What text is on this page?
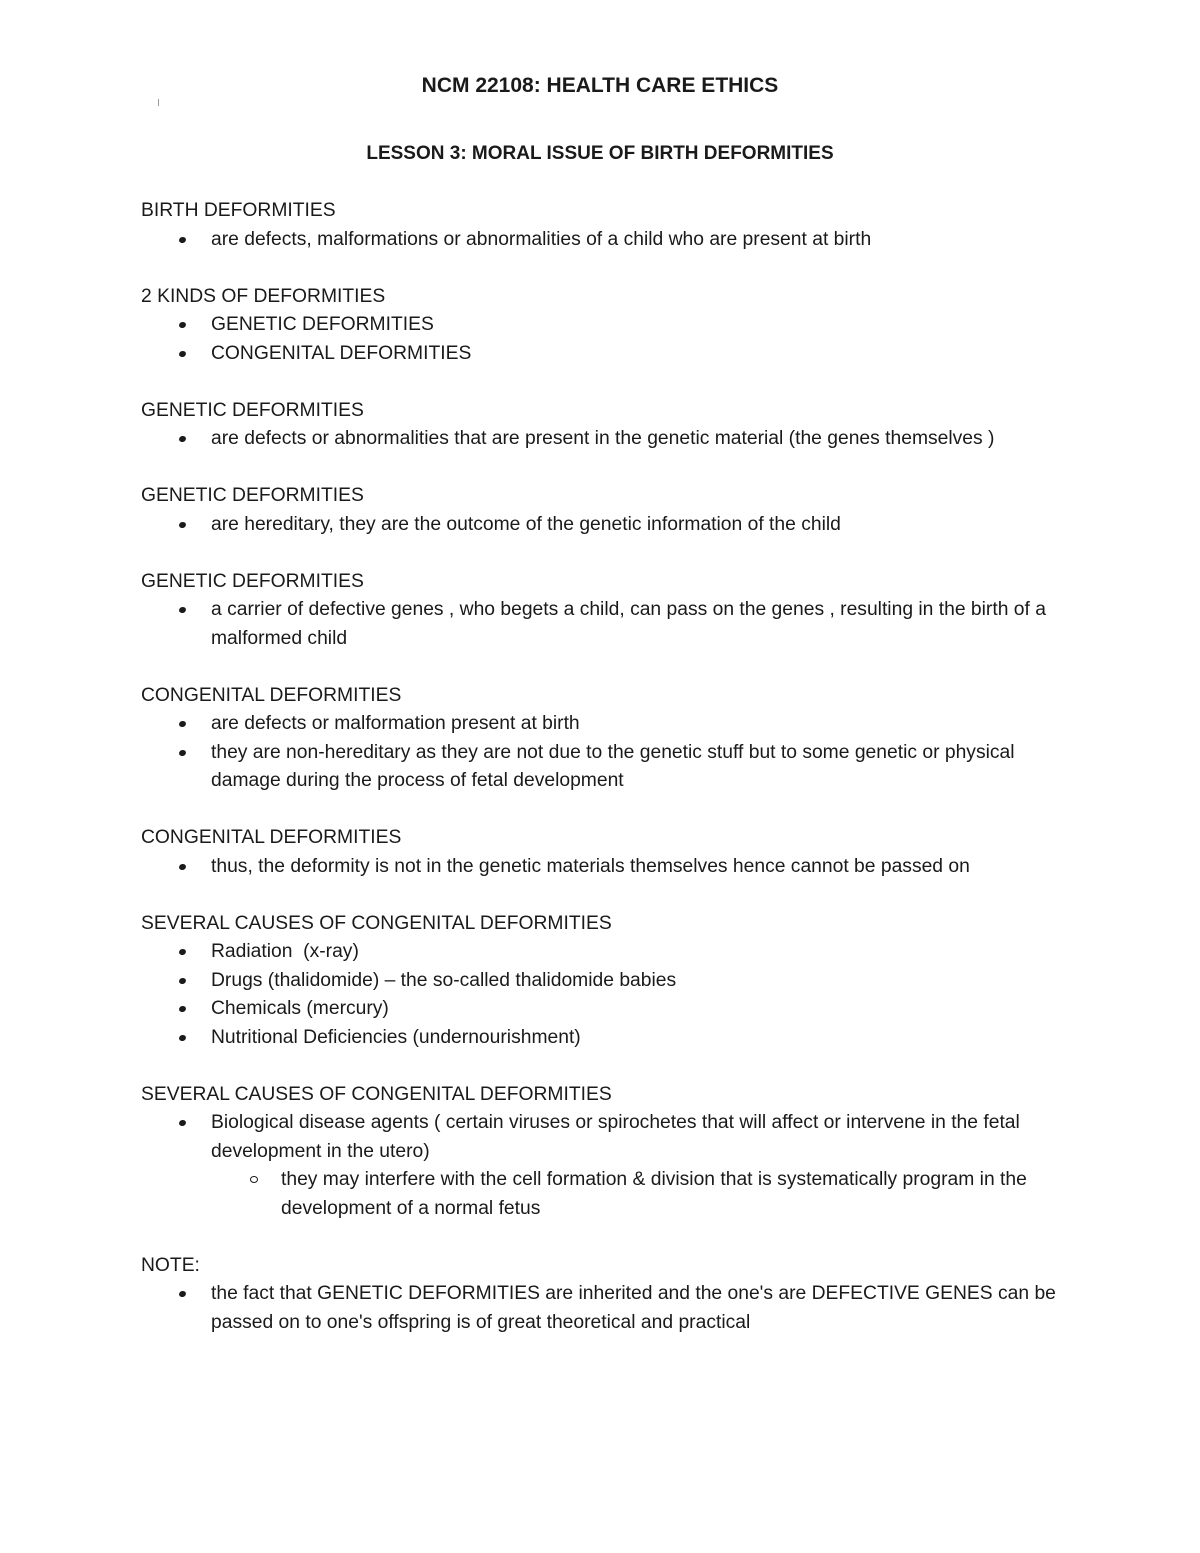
NCM 22108: HEALTH CARE ETHICS
LESSON 3: MORAL ISSUE OF BIRTH DEFORMITIES

BIRTH DEFORMITIES

are defects, malformations or abnormalities of a child who are present at birth

2 KINDS OF DEFORMITIES

GENETIC DEFORMITIES
CONGENITAL DEFORMITIES

GENETIC DEFORMITIES

are defects or abnormalities that are present in the genetic material (the genes themselves )

GENETIC DEFORMITIES

are hereditary, they are the outcome of the genetic information of the child

GENETIC DEFORMITIES

a carrier of defective genes , who begets a child, can pass on the genes , resulting in the birth of a malformed child

CONGENITAL DEFORMITIES

are defects or malformation present at birth
they are non-hereditary as they are not due to the genetic stuff but to some genetic or physical damage during the process of fetal development

CONGENITAL DEFORMITIES

thus, the deformity is not in the genetic materials themselves hence cannot be passed on

SEVERAL CAUSES OF CONGENITAL DEFORMITIES

Radiation  (x-ray)
Drugs (thalidomide) – the so-called thalidomide babies
Chemicals (mercury)
Nutritional Deficiencies (undernourishment)

SEVERAL CAUSES OF CONGENITAL DEFORMITIES

Biological disease agents ( certain viruses or spirochetes that will affect or intervene in the fetal development in the utero)
they may interfere with the cell formation & division that is systematically program in the development of a normal fetus

NOTE:

the fact that GENETIC DEFORMITIES are inherited and the one's are DEFECTIVE GENES can be passed on to one's offspring is of great theoretical and practical
